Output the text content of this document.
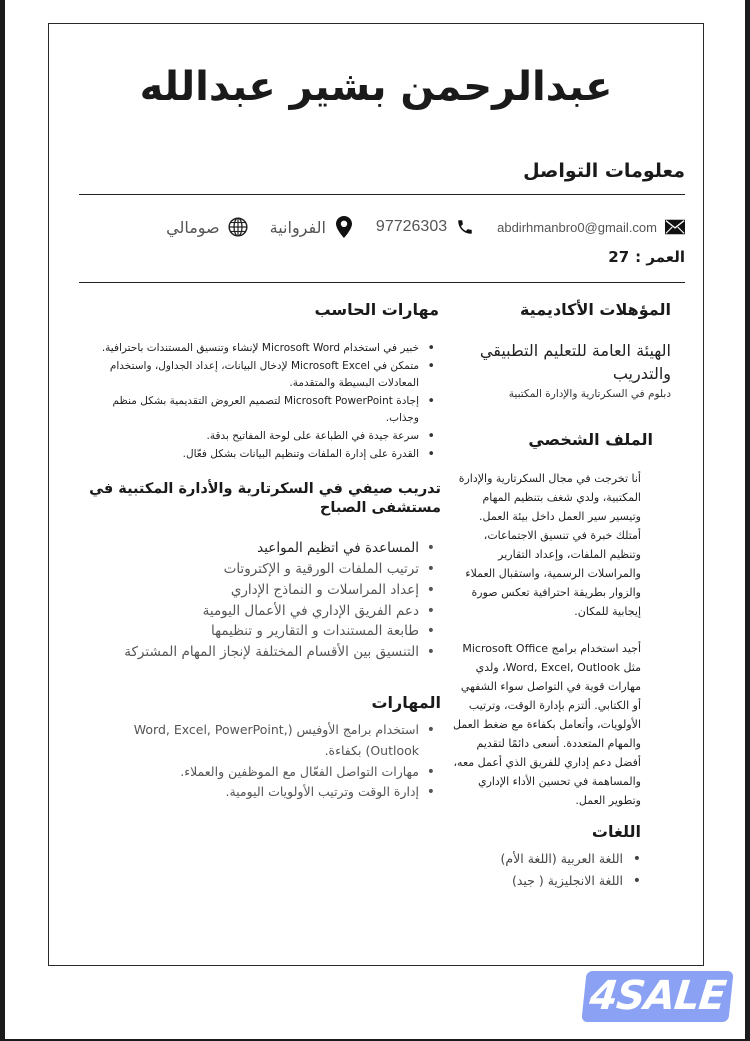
عبدالرحمن بشير عبدالله
معلومات التواصل
abdirhmanbro0@gmail.com
97726303
الفروانية
صومالي
العمر :27
المؤهلات الأكاديمية
الهيئة العامة للتعليم التطبيقي والتدريب
دبلوم في السكرتارية والإدارة المكتبية
الملف الشخصي

أنا تخرجت في مجال السكرتارية والإدارة المكتبية، ولدي شغف بتنظيم المهام وتيسير سير العمل داخل بيئة العمل. أمتلك خبرة في تنسيق الاجتماعات، وتنظيم الملفات، وإعداد التقارير والمراسلات الرسمية، واستقبال العملاء والزوار بطريقة احترافية تعكس صورة إيجابية للمكان.

أجيد استخدام برامج Microsoft Office مثل Word, Excel, Outlook، ولدي مهارات قوية في التواصل سواء الشفهي أو الكتابي. ألتزم بإدارة الوقت، وترتيب الأولويات، وأتعامل بكفاءة مع ضغط العمل والمهام المتعددة. أسعى دائمًا لتقديم أفضل دعم إداري للفريق الذي أعمل معه، والمساهمة في تحسين الأداء الإداري وتطوير العمل.

اللغات
• اللغة العربية (اللغة الأم)
• اللغة الانجليزية ( جيد)
مهارات الحاسب
• خبير في استخدام Microsoft Word لإنشاء وتنسيق المستندات باحترافية.
• متمكن في Microsoft Excel لإدخال البيانات، إعداد الجداول، واستخدام المعادلات البسيطة والمتقدمة.
• إجادة Microsoft PowerPoint لتصميم العروض التقديمية بشكل منظم وجذاب.
• سرعة جيدة في الطباعة على لوحة المفاتيح بدقة.
• القدرة على إدارة الملفات وتنظيم البيانات بشكل فعّال.
تدريب صيفي في السكرتارية والأدارة المكتبية في مستشفى الصباح
• المساعدة في اتظيم المواعيد
• ترتيب الملفات الورقية و الإكتروتات
• إعداد المراسلات و النماذج الإداري
• دعم الفريق الإداري في الأعمال اليومية
• طابعة المستندات و التقارير و تنظيمها
• التنسيق بين الأقسام المختلفة لإنجاز المهام المشتركة
المهارات
• استخدام برامج الأوفيس (,Word, Excel, PowerPoint Outlook) بكفاءة.
• مهارات التواصل الفعّال مع الموظفين والعملاء.
• إدارة الوقت وترتيب الأولويات اليومية.
4SALE
